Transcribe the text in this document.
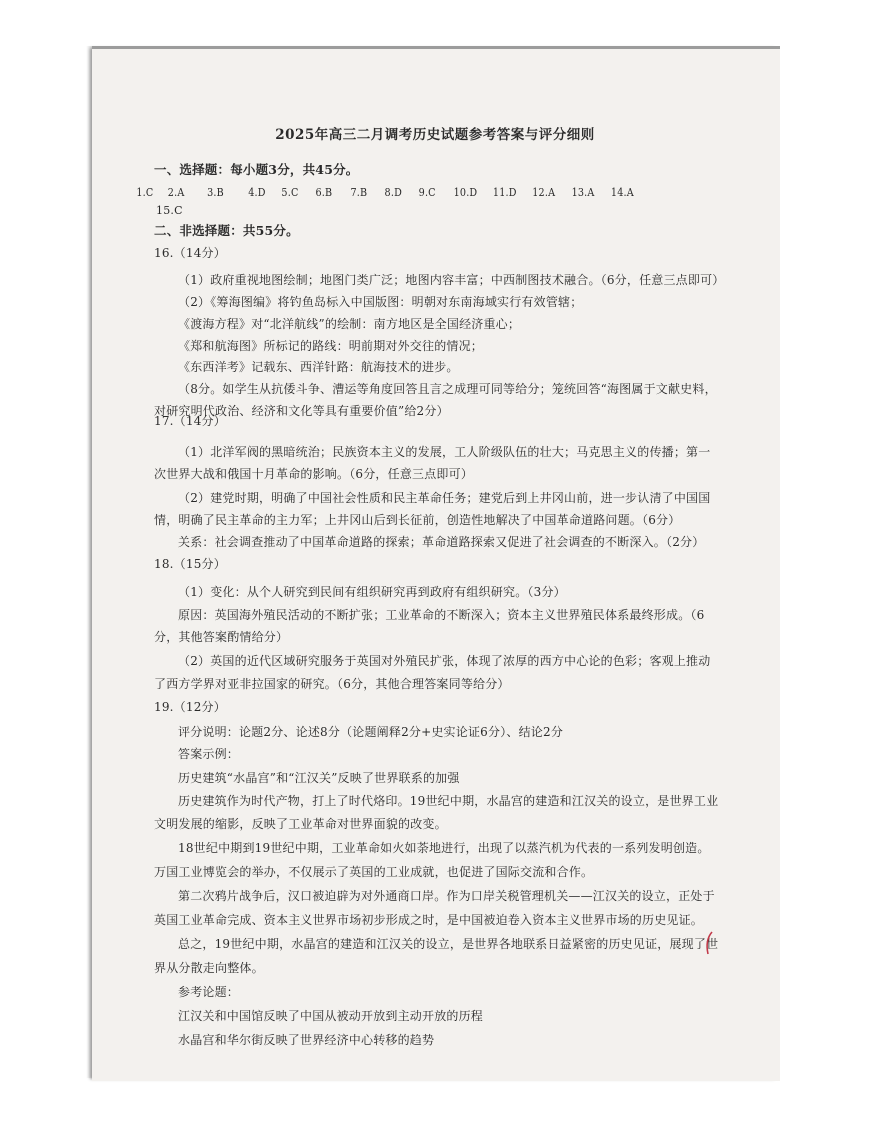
2025年高三二月调考历史试题参考答案与评分细则
一、选择题：每小题3分，共45分。
1.C 2.A 3.B 4.D 5.C 6.B 7.B 8.D 9.C 10.D 11.D 12.A 13.A 14.A
15.C
二、非选择题：共55分。
16.（14分）
（1）政府重视地图绘制；地图门类广泛；地图内容丰富；中西制图技术融合。（6分，任意三点即可）
（2）《筹海图编》将钓鱼岛标入中国版图：明朝对东南海域实行有效管辖；
《渡海方程》对“北洋航线”的绘制：南方地区是全国经济重心；
《郑和航海图》所标记的路线：明前期对外交往的情况；
《东西洋考》记载东、西洋针路：航海技术的进步。
（8分。如学生从抗倭斗争、漕运等角度回答且言之成理可同等给分；笼统回答“海图属于文献史料，
对研究明代政治、经济和文化等具有重要价值”给2分）
17.（14分）
（1）北洋军阀的黑暗统治；民族资本主义的发展，工人阶级队伍的壮大；马克思主义的传播；第一
次世界大战和俄国十月革命的影响。（6分，任意三点即可）
（2）建党时期，明确了中国社会性质和民主革命任务；建党后到上井冈山前，进一步认清了中国国
情，明确了民主革命的主力军；上井冈山后到长征前，创造性地解决了中国革命道路问题。（6分）
关系：社会调查推动了中国革命道路的探索；革命道路探索又促进了社会调查的不断深入。（2分）
18.（15分）
（1）变化：从个人研究到民间有组织研究再到政府有组织研究。（3分）
原因：英国海外殖民活动的不断扩张；工业革命的不断深入；资本主义世界殖民体系最终形成。（6
分，其他答案酌情给分）
（2）英国的近代区域研究服务于英国对外殖民扩张，体现了浓厚的西方中心论的色彩；客观上推动
了西方学界对亚非拉国家的研究。（6分，其他合理答案同等给分）
19.（12分）
评分说明：论题2分、论述8分（论题阐释2分+史实论证6分）、结论2分
答案示例：
历史建筑“水晶宫”和“江汉关”反映了世界联系的加强
历史建筑作为时代产物，打上了时代烙印。19世纪中期，水晶宫的建造和江汉关的设立，是世界工业
文明发展的缩影，反映了工业革命对世界面貌的改变。
18世纪中期到19世纪中期，工业革命如火如荼地进行，出现了以蒸汽机为代表的一系列发明创造。
万国工业博览会的举办，不仅展示了英国的工业成就，也促进了国际交流和合作。
第二次鸦片战争后，汉口被迫辟为对外通商口岸。作为口岸关税管理机关——江汉关的设立，正处于
英国工业革命完成、资本主义世界市场初步形成之时，是中国被迫卷入资本主义世界市场的历史见证。
总之，19世纪中期，水晶宫的建造和江汉关的设立，是世界各地联系日益紧密的历史见证，展现了世
界从分散走向整体。
参考论题：
江汉关和中国馆反映了中国从被动开放到主动开放的历程
水晶宫和华尔街反映了世界经济中心转移的趋势
